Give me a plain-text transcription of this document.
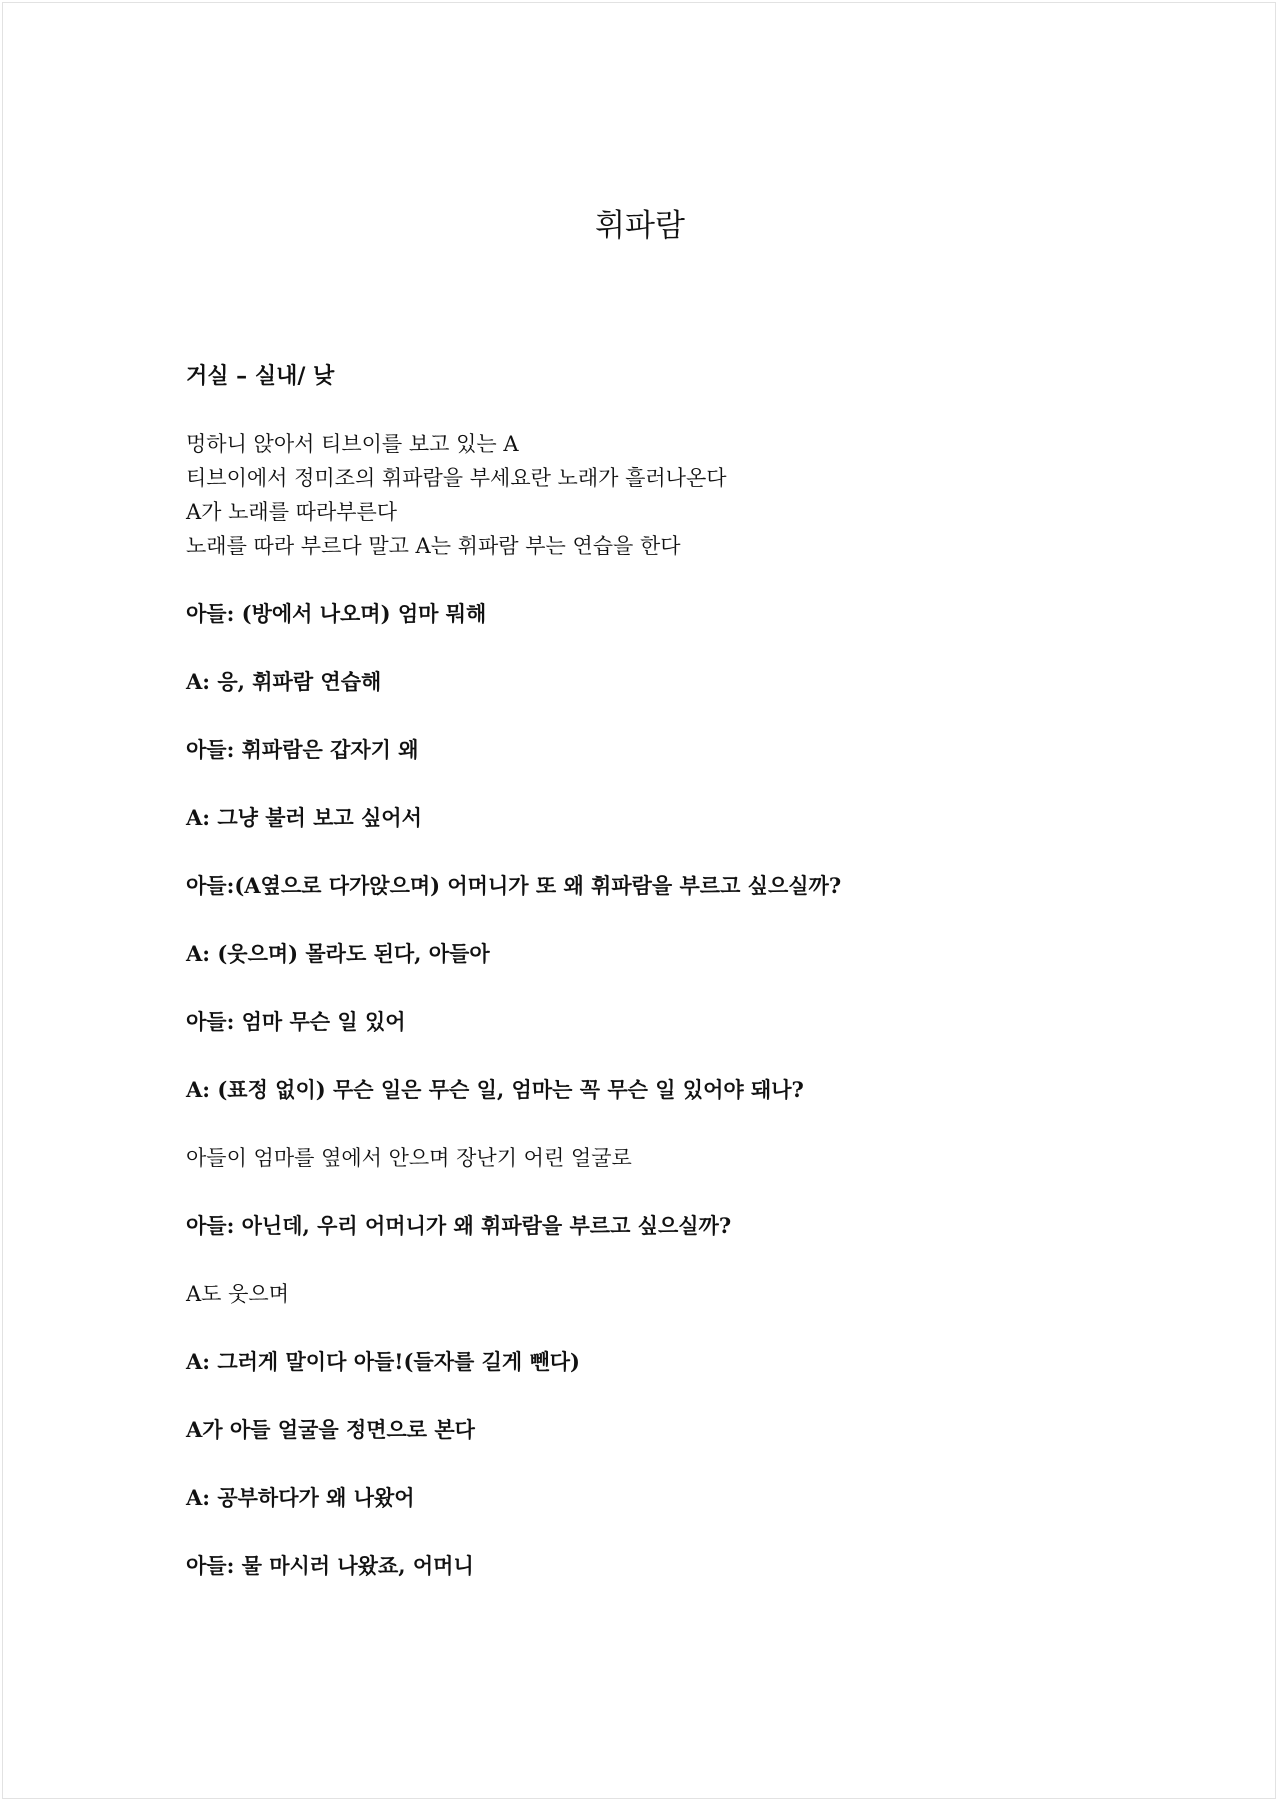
휘파람
거실 – 실내/ 낮
멍하니 앉아서 티브이를 보고 있는 A
티브이에서 정미조의 휘파람을 부세요란 노래가 흘러나온다
A가 노래를 따라부른다
노래를 따라 부르다 말고 A는 휘파람 부는 연습을 한다
아들: (방에서 나오며) 엄마 뭐해
A: 응, 휘파람 연습해
아들: 휘파람은 갑자기 왜
A: 그냥 불러 보고 싶어서
아들:(A옆으로 다가앉으며) 어머니가 또 왜 휘파람을 부르고 싶으실까?
A: (웃으며) 몰라도 된다, 아들아
아들: 엄마 무슨 일 있어
A: (표정 없이) 무슨 일은 무슨 일, 엄마는 꼭 무슨 일 있어야 돼나?
아들이 엄마를 옆에서 안으며 장난기 어린 얼굴로
아들: 아닌데, 우리 어머니가 왜 휘파람을 부르고 싶으실까?
A도 웃으며
A: 그러게 말이다 아들!(들자를 길게 뺀다)
A가 아들 얼굴을 정면으로 본다
A: 공부하다가 왜 나왔어
아들: 물 마시러 나왔죠, 어머니
